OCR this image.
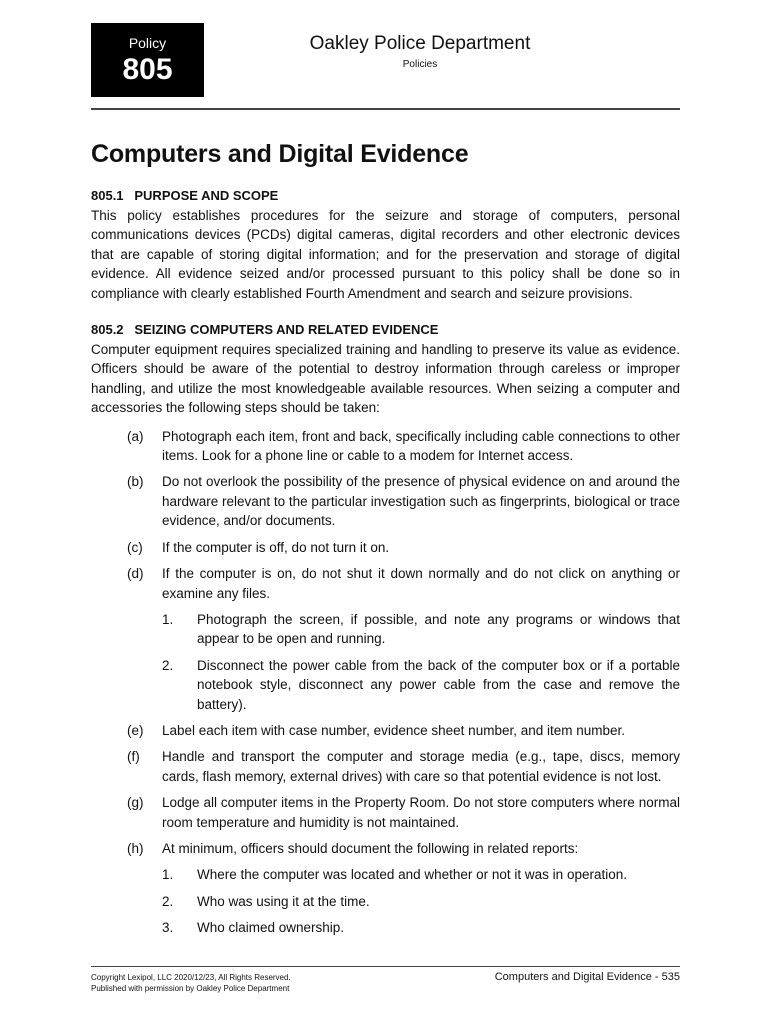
Policy
805
Oakley Police Department
Policies
Computers and Digital Evidence

805.1   PURPOSE AND SCOPE

This policy establishes procedures for the seizure and storage of computers, personal communications devices (PCDs) digital cameras, digital recorders and other electronic devices that are capable of storing digital information; and for the preservation and storage of digital evidence. All evidence seized and/or processed pursuant to this policy shall be done so in compliance with clearly established Fourth Amendment and search and seizure provisions.

805.2   SEIZING COMPUTERS AND RELATED EVIDENCE

Computer equipment requires specialized training and handling to preserve its value as evidence. Officers should be aware of the potential to destroy information through careless or improper handling, and utilize the most knowledgeable available resources. When seizing a computer and accessories the following steps should be taken:

(a) Photograph each item, front and back, specifically including cable connections to other items. Look for a phone line or cable to a modem for Internet access.
(b) Do not overlook the possibility of the presence of physical evidence on and around the hardware relevant to the particular investigation such as fingerprints, biological or trace evidence, and/or documents.
(c) If the computer is off, do not turn it on.
(d) If the computer is on, do not shut it down normally and do not click on anything or examine any files.
1. Photograph the screen, if possible, and note any programs or windows that appear to be open and running.
2. Disconnect the power cable from the back of the computer box or if a portable notebook style, disconnect any power cable from the case and remove the battery).
(e) Label each item with case number, evidence sheet number, and item number.
(f) Handle and transport the computer and storage media (e.g., tape, discs, memory cards, flash memory, external drives) with care so that potential evidence is not lost.
(g) Lodge all computer items in the Property Room. Do not store computers where normal room temperature and humidity is not maintained.
(h) At minimum, officers should document the following in related reports:
1. Where the computer was located and whether or not it was in operation.
2. Who was using it at the time.
3. Who claimed ownership.
Copyright Lexipol, LLC 2020/12/23, All Rights Reserved.
Published with permission by Oakley Police Department
Computers and Digital Evidence - 535
